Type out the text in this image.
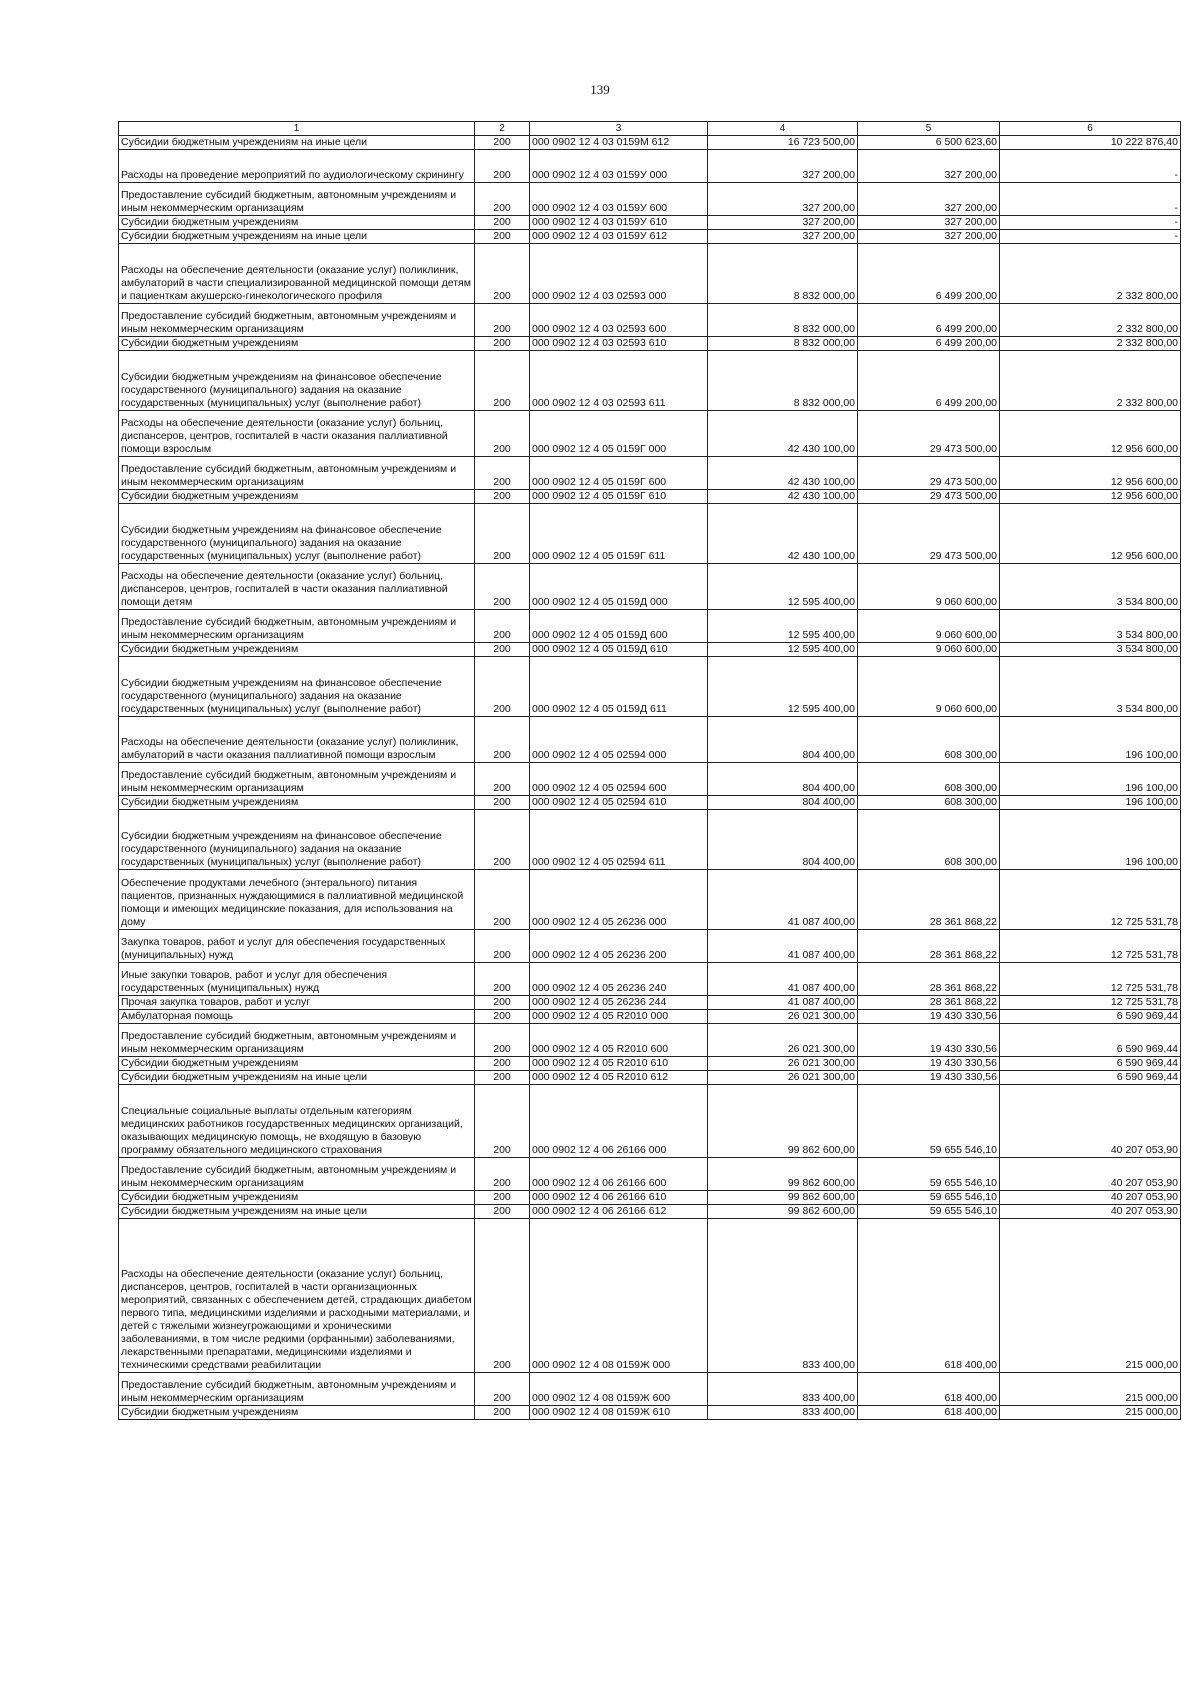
139
1	2	3	4	5	6
Субсидии бюджетным учреждениям на иные цели	200	000 0902 12 4 03 0159М 612	16 723 500,00	6 500 623,60	10 222 876,40
Расходы на проведение мероприятий по аудиологическому скринингу	200	000 0902 12 4 03 0159У 000	327 200,00	327 200,00	-
Предоставление субсидий бюджетным, автономным учреждениям и иным некоммерческим организациям	200	000 0902 12 4 03 0159У 600	327 200,00	327 200,00	-
Субсидии бюджетным учреждениям	200	000 0902 12 4 03 0159У 610	327 200,00	327 200,00	-
Субсидии бюджетным учреждениям на иные цели	200	000 0902 12 4 03 0159У 612	327 200,00	327 200,00	-
Расходы на обеспечение деятельности (оказание услуг) поликлиник, амбулаторий в части специализированной медицинской помощи детям и пациенткам акушерско-гинекологического профиля	200	000 0902 12 4 03 02593 000	8 832 000,00	6 499 200,00	2 332 800,00
Предоставление субсидий бюджетным, автономным учреждениям и иным некоммерческим организациям	200	000 0902 12 4 03 02593 600	8 832 000,00	6 499 200,00	2 332 800,00
Субсидии бюджетным учреждениям	200	000 0902 12 4 03 02593 610	8 832 000,00	6 499 200,00	2 332 800,00
Субсидии бюджетным учреждениям на финансовое обеспечение государственного (муниципального) задания на оказание государственных (муниципальных) услуг (выполнение работ)	200	000 0902 12 4 03 02593 611	8 832 000,00	6 499 200,00	2 332 800,00
Расходы на обеспечение деятельности (оказание услуг) больниц, диспансеров, центров, госпиталей в части оказания паллиативной помощи взрослым	200	000 0902 12 4 05 0159Г 000	42 430 100,00	29 473 500,00	12 956 600,00
Предоставление субсидий бюджетным, автономным учреждениям и иным некоммерческим организациям	200	000 0902 12 4 05 0159Г 600	42 430 100,00	29 473 500,00	12 956 600,00
Субсидии бюджетным учреждениям	200	000 0902 12 4 05 0159Г 610	42 430 100,00	29 473 500,00	12 956 600,00
Субсидии бюджетным учреждениям на финансовое обеспечение государственного (муниципального) задания на оказание государственных (муниципальных) услуг (выполнение работ)	200	000 0902 12 4 05 0159Г 611	42 430 100,00	29 473 500,00	12 956 600,00
Расходы на обеспечение деятельности (оказание услуг) больниц, диспансеров, центров, госпиталей в части оказания паллиативной помощи детям	200	000 0902 12 4 05 0159Д 000	12 595 400,00	9 060 600,00	3 534 800,00
Предоставление субсидий бюджетным, автономным учреждениям и иным некоммерческим организациям	200	000 0902 12 4 05 0159Д 600	12 595 400,00	9 060 600,00	3 534 800,00
Субсидии бюджетным учреждениям	200	000 0902 12 4 05 0159Д 610	12 595 400,00	9 060 600,00	3 534 800,00
Субсидии бюджетным учреждениям на финансовое обеспечение государственного (муниципального) задания на оказание государственных (муниципальных) услуг (выполнение работ)	200	000 0902 12 4 05 0159Д 611	12 595 400,00	9 060 600,00	3 534 800,00
Расходы на обеспечение деятельности (оказание услуг) поликлиник, амбулаторий в части оказания паллиативной помощи взрослым	200	000 0902 12 4 05 02594 000	804 400,00	608 300,00	196 100,00
Предоставление субсидий бюджетным, автономным учреждениям и иным некоммерческим организациям	200	000 0902 12 4 05 02594 600	804 400,00	608 300,00	196 100,00
Субсидии бюджетным учреждениям	200	000 0902 12 4 05 02594 610	804 400,00	608 300,00	196 100,00
Субсидии бюджетным учреждениям на финансовое обеспечение государственного (муниципального) задания на оказание государственных (муниципальных) услуг (выполнение работ)	200	000 0902 12 4 05 02594 611	804 400,00	608 300,00	196 100,00
Обеспечение продуктами лечебного (энтерального) питания пациентов, признанных нуждающимися в паллиативной медицинской помощи и имеющих медицинские показания, для использования на дому	200	000 0902 12 4 05 26236 000	41 087 400,00	28 361 868,22	12 725 531,78
Закупка товаров, работ и услуг для обеспечения государственных (муниципальных) нужд	200	000 0902 12 4 05 26236 200	41 087 400,00	28 361 868,22	12 725 531,78
Иные закупки товаров, работ и услуг для обеспечения государственных (муниципальных) нужд	200	000 0902 12 4 05 26236 240	41 087 400,00	28 361 868,22	12 725 531,78
Прочая закупка товаров, работ и услуг	200	000 0902 12 4 05 26236 244	41 087 400,00	28 361 868,22	12 725 531,78
Амбулаторная помощь	200	000 0902 12 4 05 R2010 000	26 021 300,00	19 430 330,56	6 590 969,44
Предоставление субсидий бюджетным, автономным учреждениям и иным некоммерческим организациям	200	000 0902 12 4 05 R2010 600	26 021 300,00	19 430 330,56	6 590 969,44
Субсидии бюджетным учреждениям	200	000 0902 12 4 05 R2010 610	26 021 300,00	19 430 330,56	6 590 969,44
Субсидии бюджетным учреждениям на иные цели	200	000 0902 12 4 05 R2010 612	26 021 300,00	19 430 330,56	6 590 969,44
Специальные социальные выплаты отдельным категориям медицинских работников государственных медицинских организаций, оказывающих медицинскую помощь, не входящую в базовую программу обязательного медицинского страхования	200	000 0902 12 4 06 26166 000	99 862 600,00	59 655 546,10	40 207 053,90
Предоставление субсидий бюджетным, автономным учреждениям и иным некоммерческим организациям	200	000 0902 12 4 06 26166 600	99 862 600,00	59 655 546,10	40 207 053,90
Субсидии бюджетным учреждениям	200	000 0902 12 4 06 26166 610	99 862 600,00	59 655 546,10	40 207 053,90
Субсидии бюджетным учреждениям на иные цели	200	000 0902 12 4 06 26166 612	99 862 600,00	59 655 546,10	40 207 053,90
Расходы на обеспечение деятельности (оказание услуг) больниц, диспансеров, центров, госпиталей в части организационных мероприятий, связанных с обеспечением детей, страдающих диабетом первого типа, медицинскими изделиями и расходными материалами, и детей с тяжелыми жизнеугрожающими и хроническими заболеваниями, в том числе редкими (орфанными) заболеваниями, лекарственными препаратами, медицинскими изделиями и техническими средствами реабилитации	200	000 0902 12 4 08 0159Ж 000	833 400,00	618 400,00	215 000,00
Предоставление субсидий бюджетным, автономным учреждениям и иным некоммерческим организациям	200	000 0902 12 4 08 0159Ж 600	833 400,00	618 400,00	215 000,00
Субсидии бюджетным учреждениям	200	000 0902 12 4 08 0159Ж 610	833 400,00	618 400,00	215 000,00
